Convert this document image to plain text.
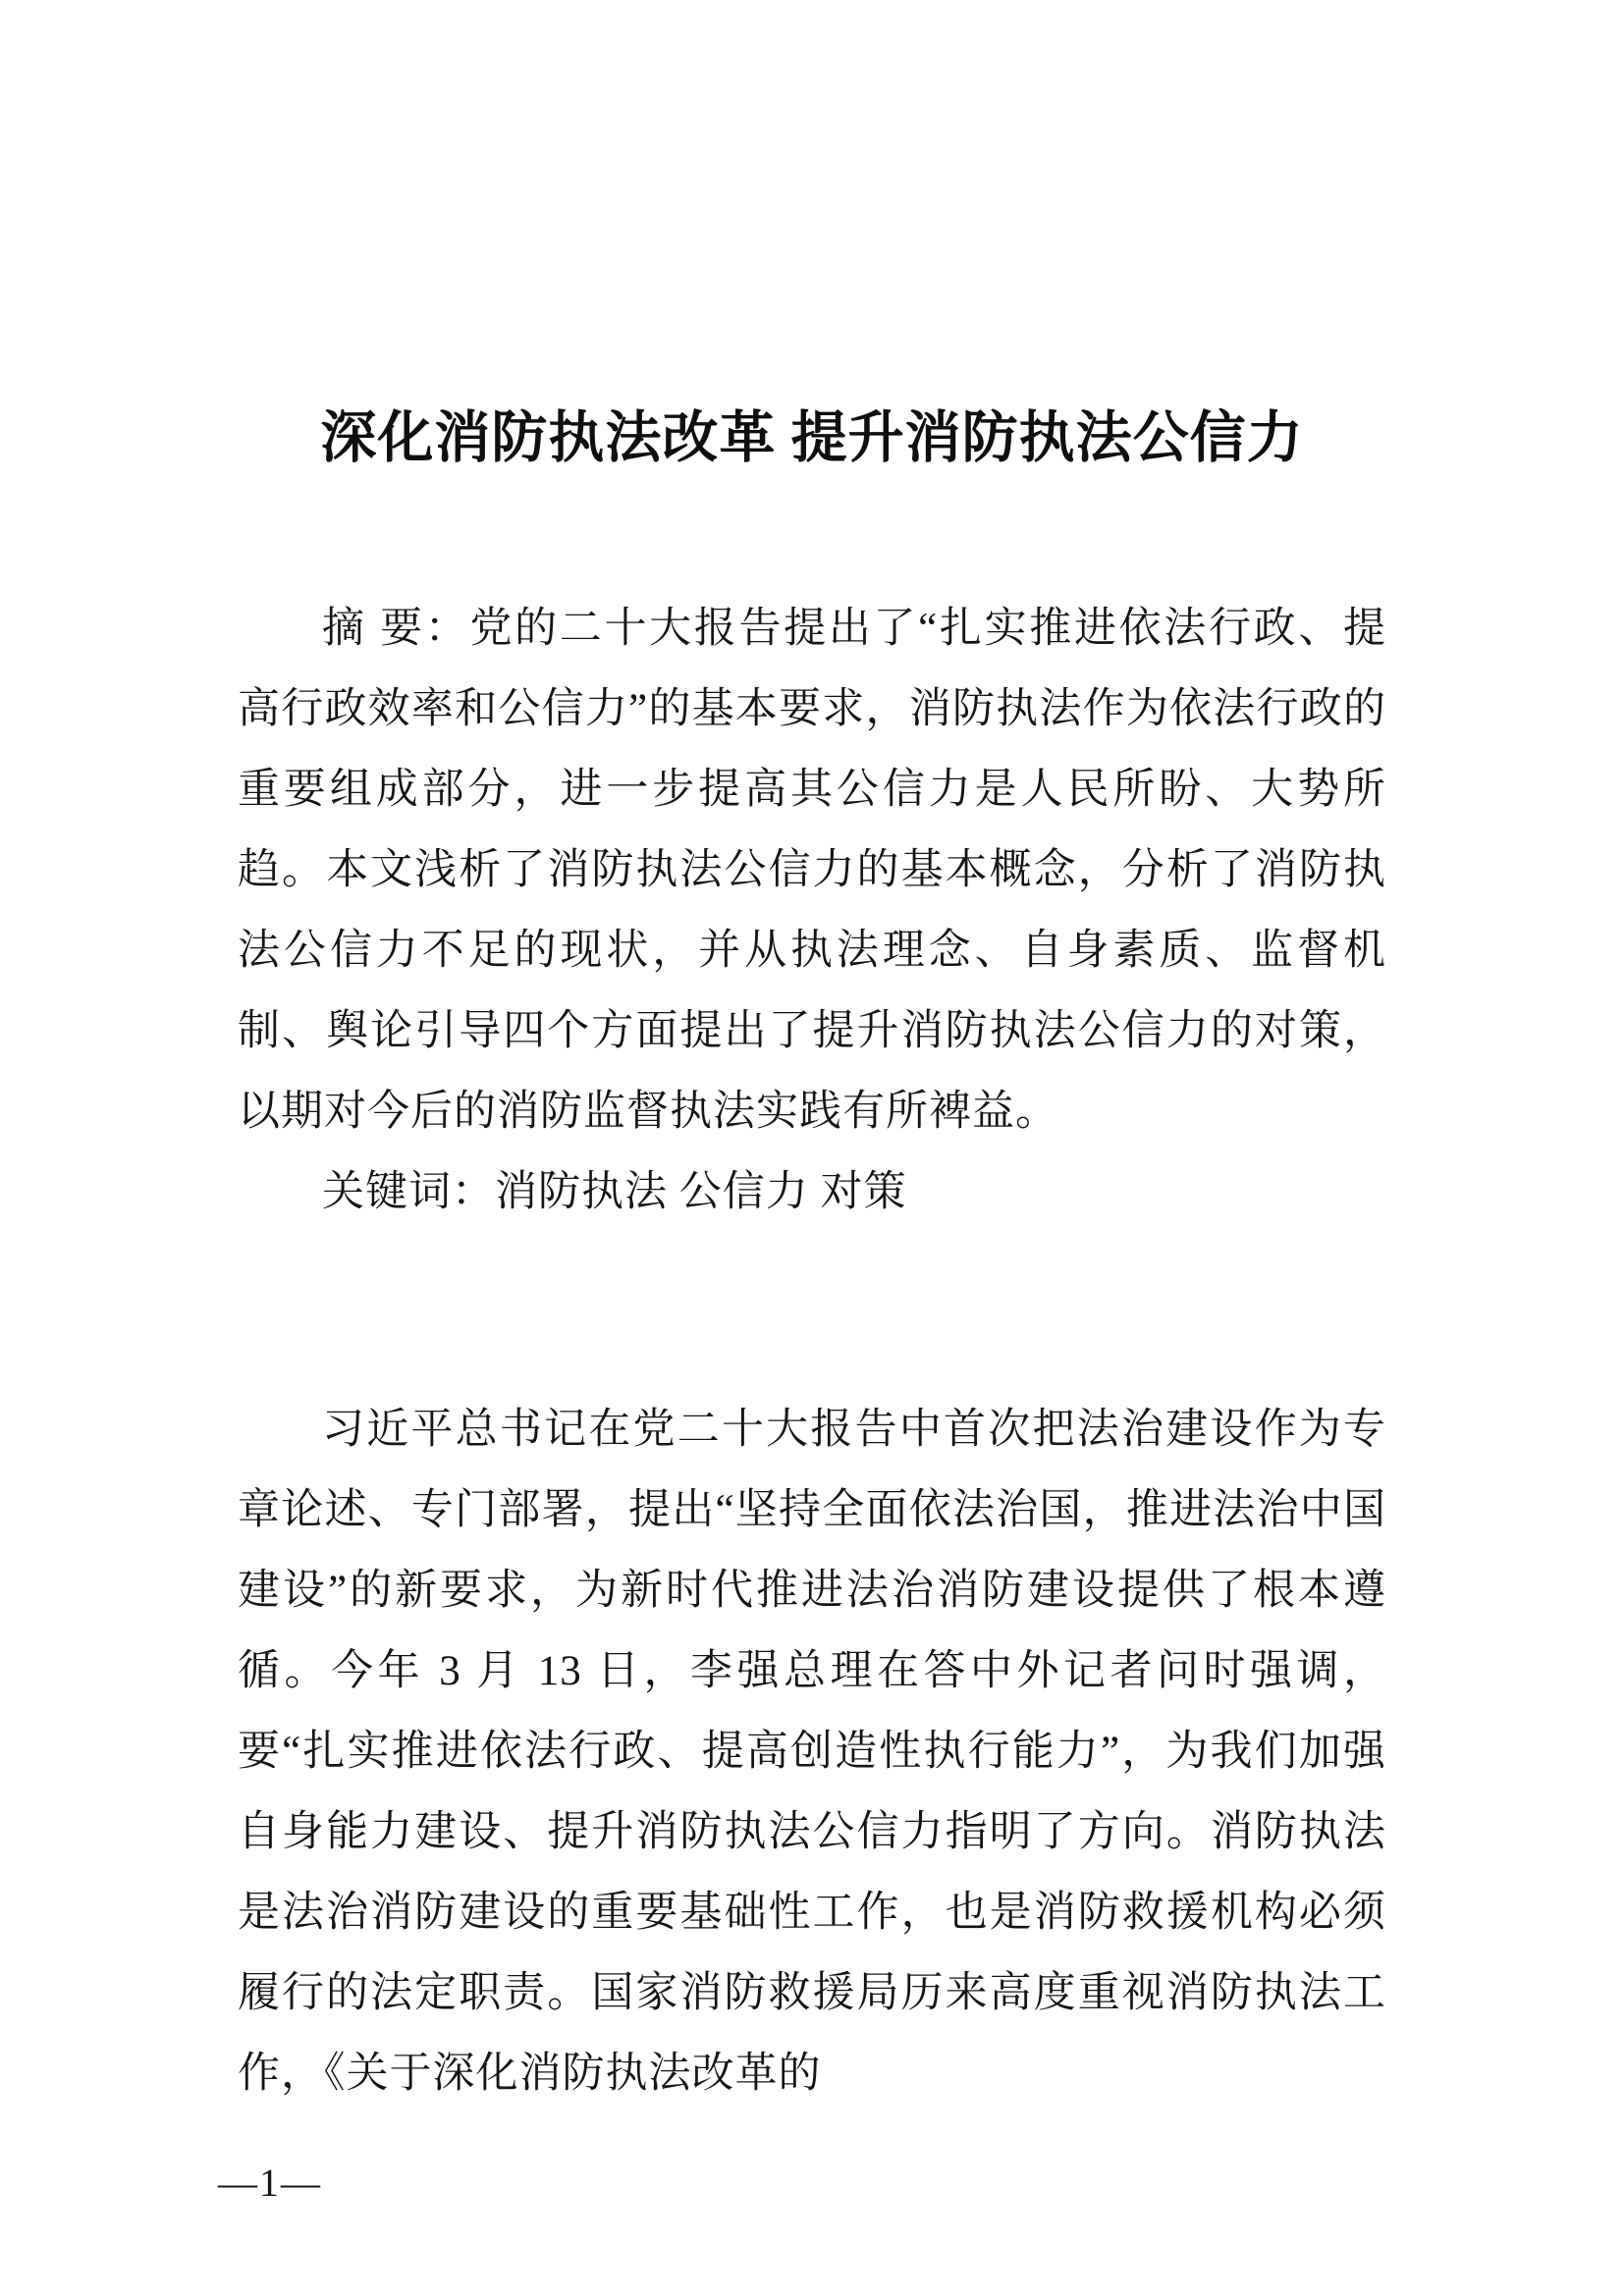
深化消防执法改革 提升消防执法公信力

摘 要：党的二十大报告提出了“扎实推进依法行政、提高行政效率和公信力”的基本要求，消防执法作为依法行政的重要组成部分，进一步提高其公信力是人民所盼、大势所趋。本文浅析了消防执法公信力的基本概念，分析了消防执法公信力不足的现状，并从执法理念、自身素质、监督机制、舆论引导四个方面提出了提升消防执法公信力的对策，以期对今后的消防监督执法实践有所裨益。

关键词：消防执法 公信力 对策

习近平总书记在党二十大报告中首次把法治建设作为专章论述、专门部署，提出“坚持全面依法治国，推进法治中国建设”的新要求，为新时代推进法治消防建设提供了根本遵循。今年 3 月 13 日，李强总理在答中外记者问时强调，要“扎实推进依法行政、提高创造性执行能力”，为我们加强自身能力建设、提升消防执法公信力指明了方向。消防执法是法治消防建设的重要基础性工作，也是消防救援机构必须履行的法定职责。国家消防救援局历来高度重视消防执法工作，《关于深化消防执法改革的

—1—
